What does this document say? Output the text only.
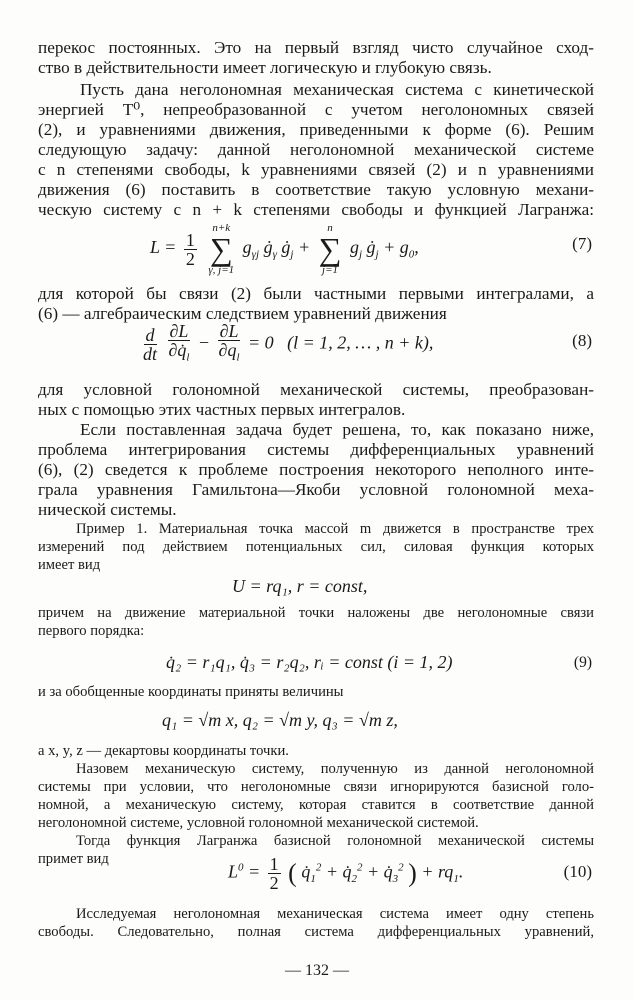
перекос постоянных. Это на первый взгляд чисто случайное сход-
ство в действительности имеет логическую и глубокую связь.
Пусть дана неголономная механическая система с кинетической
энергией T⁰, непреобразованной с учетом неголономных связей
(2), и уравнениями движения, приведенными к форме (6). Решим
следующую задачу: данной неголономной механической системе
с n степенями свободы, k уравнениями связей (2) и n уравнениями
движения (6) поставить в соответствие такую условную механи-
ческую систему с n + k степенями свободы и функцией Лагранжа:
$L = \frac{1}{2}$

n+k
∑
γ, j=1
$g_{\gamma j}$ $ġ_\gamma$ $ġ_j$ +
n
∑
j=1
$g_j$ $ġ_j + g_0$,	(7)
для которой бы связи (2) были частными первыми интегралами, а
(6) — алгебраическим следствием уравнений движения
$\frac{d}{dt}$
$\frac{\partial L}{\partial q̇_l} - \frac{\partial L}{\partial q_l} = 0$   (l = 1, 2, … , n + k),	(8)
для условной голономной механической системы, преобразован-
ных с помощью этих частных первых интегралов.
Если поставленная задача будет решена, то, как показано ниже,
проблема интегрирования системы дифференциальных уравнений
(6), (2) сведется к проблеме построения некоторого неполного инте-
грала уравнения Гамильтона—Якоби условной голономной меха-
нической системы.
Пример 1. Материальная точка массой m движется в пространстве трех
измерений под действием потенциальных сил, силовая функция которых
имеет вид
U = rq₁, r = const,
причем на движение материальной точки наложены две неголономные связи
первого порядка:
q̇₂ = r₁q₁, q̇₃ = r₂q₂, rᵢ = const (i = 1, 2)	(9)
и за обобщенные координаты приняты величины
q₁ = √m x, q₂ = √m y, q₃ = √m z,
а x, y, z — декартовы координаты точки.
Назовем механическую систему, полученную из данной неголономной
системы при условии, что неголономные связи игнорируются базисной голо-
номной, а механическую систему, которая ставится в соответствие данной
неголономной системе, условной голономной механической системой.
Тогда функция Лагранжа базисной голономной механической системы
примет вид
$L^0 = \frac{1}{2}$ ( $q̇_1^2$ + $q̇_2^2$ + $q̇_3^2$ ) + $rq_1$.	(10)
Исследуемая неголономная механическая система имеет одну степень
свободы. Следовательно, полная система дифференциальных уравнений,
— 132 —
